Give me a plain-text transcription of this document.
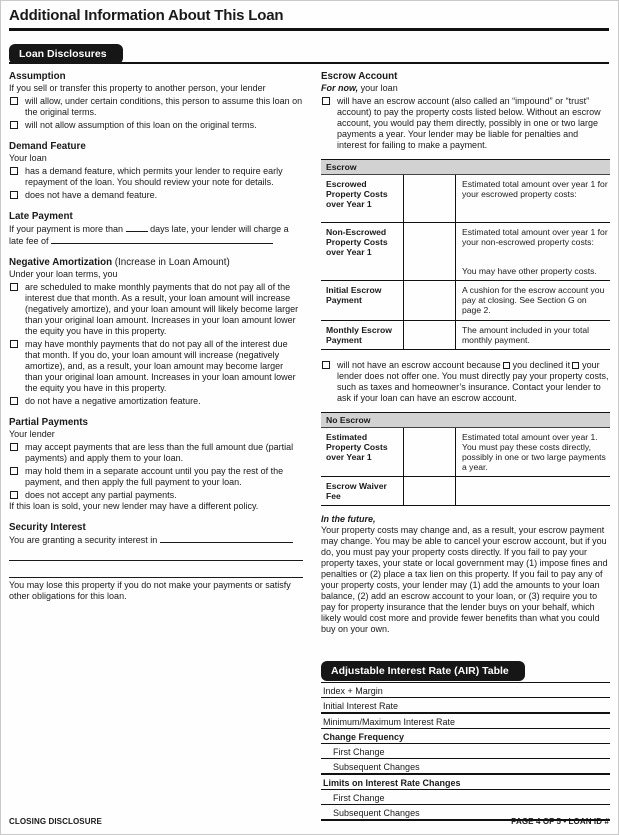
Additional Information About This Loan
Loan Disclosures
Assumption

If you sell or transfer this property to another person, your lender

will allow, under certain conditions, this person to assume this loan on the original terms.
will not allow assumption of this loan on the original terms.
Demand Feature

Your loan

has a demand feature, which permits your lender to require early repayment of the loan. You should review your note for details.
does not have a demand feature.
Late Payment

If your payment is more than	days late, your lender will charge a late fee of

Negative Amortization (Increase in Loan Amount)

Under your loan terms, you

are scheduled to make monthly payments that do not pay all of the interest due that month. As a result, your loan amount will increase (negatively amortize), and your loan amount will likely become larger than your original loan amount. Increases in your loan amount lower the equity you have in this property.
may have monthly payments that do not pay all of the interest due that month. If you do, your loan amount will increase (negatively amortize), and, as a result, your loan amount may become larger than your original loan amount. Increases in your loan amount lower the equity you have in this property.
do not have a negative amortization feature.
Partial Payments

Your lender

may accept payments that are less than the full amount due (partial payments) and apply them to your loan.
may hold them in a separate account until you pay the rest of the payment, and then apply the full payment to your loan.
does not accept any partial payments.

If this loan is sold, your new lender may have a different policy.

Security Interest

You are granting a security interest in

You may lose this property if you do not make your payments or satisfy other obligations for this loan.

Escrow Account

For now, your loan

will have an escrow account (also called an “impound” or “trust” account) to pay the property costs listed below. Without an escrow account, you would pay them directly, possibly in one or two large payments a year. Your lender may be liable for penalties and interest for failing to make a payment.
Escrow
Escrowed Property Costs over Year 1
Estimated total amount over year 1 for your escrowed property costs:
Non-Escrowed Property Costs over Year 1
Estimated total amount over year 1 for your non-escrowed property costs:
You may have other property costs.
Initial Escrow Payment
A cushion for the escrow account you pay at closing. See Section G on page 2.
Monthly Escrow Payment
The amount included in your total monthly payment.
will not have an escrow account because you declined it your lender does not offer one. You must directly pay your property costs, such as taxes and homeowner’s insurance. Contact your lender to ask if your loan can have an escrow account.
No Escrow
Estimated Property Costs over Year 1
Estimated total amount over year 1. You must pay these costs directly, possibly in one or two large payments a year.
Escrow Waiver Fee

In the future,

Your property costs may change and, as a result, your escrow payment may change. You may be able to cancel your escrow account, but if you do, you must pay your property costs directly. If you fail to pay your property taxes, your state or local government may (1) impose fines and penalties or (2) place a tax lien on this property. If you fail to pay any of your property costs, your lender may (1) add the amounts to your loan balance, (2) add an escrow account to your loan, or (3) require you to pay for property insurance that the lender buys on your behalf, which likely would cost more and provide fewer benefits than what you could buy on your own.

Adjustable Interest Rate (AIR) Table
Index + Margin
Initial Interest Rate
Minimum/Maximum Interest Rate
Change Frequency
First Change
Subsequent Changes
Limits on Interest Rate Changes
First Change
Subsequent Changes
CLOSING DISCLOSURE	PAGE 4 OF 5 • LOAN ID #
